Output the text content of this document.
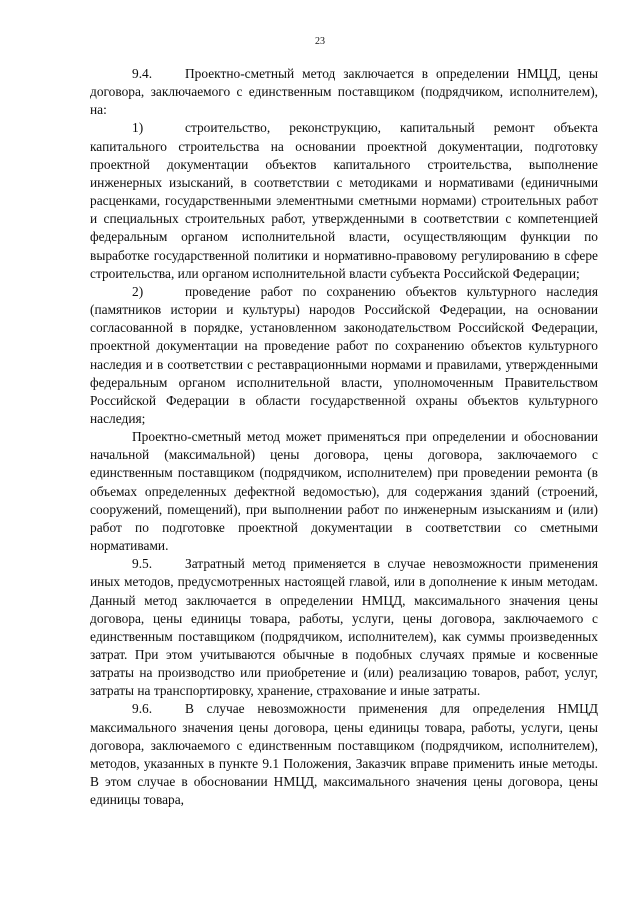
23

9.4. Проектно-сметный метод заключается в определении НМЦД, цены договора, заключаемого с единственным поставщиком (подрядчиком, исполнителем), на:

1)	строительство, реконструкцию, капитальный ремонт объекта капитального строительства на основании проектной документации, подготовку проектной документации объектов капитального строительства, выполнение инженерных изысканий, в соответствии с методиками и нормативами (единичными расценками, государственными элементными сметными нормами) строительных работ и специальных строительных работ, утвержденными в соответствии с компетенцией федеральным органом исполнительной власти, осуществляющим функции по выработке государственной политики и нормативно-правовому регулированию в сфере строительства, или органом исполнительной власти субъекта Российской Федерации;

2)	проведение работ по сохранению объектов культурного наследия (памятников истории и культуры) народов Российской Федерации, на основании согласованной в порядке, установленном законодательством Российской Федерации, проектной документации на проведение работ по сохранению объектов культурного наследия и в соответствии с реставрационными нормами и правилами, утвержденными федеральным органом исполнительной власти, уполномоченным Правительством Российской Федерации в области государственной охраны объектов культурного наследия;

Проектно-сметный метод может применяться при определении и обосновании начальной (максимальной) цены договора, цены договора, заключаемого с единственным поставщиком (подрядчиком, исполнителем) при проведении ремонта (в объемах определенных дефектной ведомостью), для содержания зданий (строений, сооружений, помещений), при выполнении работ по инженерным изысканиям и (или) работ по подготовке проектной документации в соответствии со сметными нормативами.

9.5. Затратный метод применяется в случае невозможности применения иных методов, предусмотренных настоящей главой, или в дополнение к иным методам. Данный метод заключается в определении НМЦД, максимального значения цены договора, цены единицы товара, работы, услуги, цены договора, заключаемого с единственным поставщиком (подрядчиком, исполнителем), как суммы произведенных затрат. При этом учитываются обычные в подобных случаях прямые и косвенные затраты на производство или приобретение и (или) реализацию товаров, работ, услуг, затраты на транспортировку, хранение, страхование и иные затраты.

9.6. В случае невозможности применения для определения НМЦД максимального значения цены договора, цены единицы товара, работы, услуги, цены договора, заключаемого с единственным поставщиком (подрядчиком, исполнителем), методов, указанных в пункте 9.1 Положения, Заказчик вправе применить иные методы. В этом случае в обосновании НМЦД, максимального значения цены договора, цены единицы товара,
